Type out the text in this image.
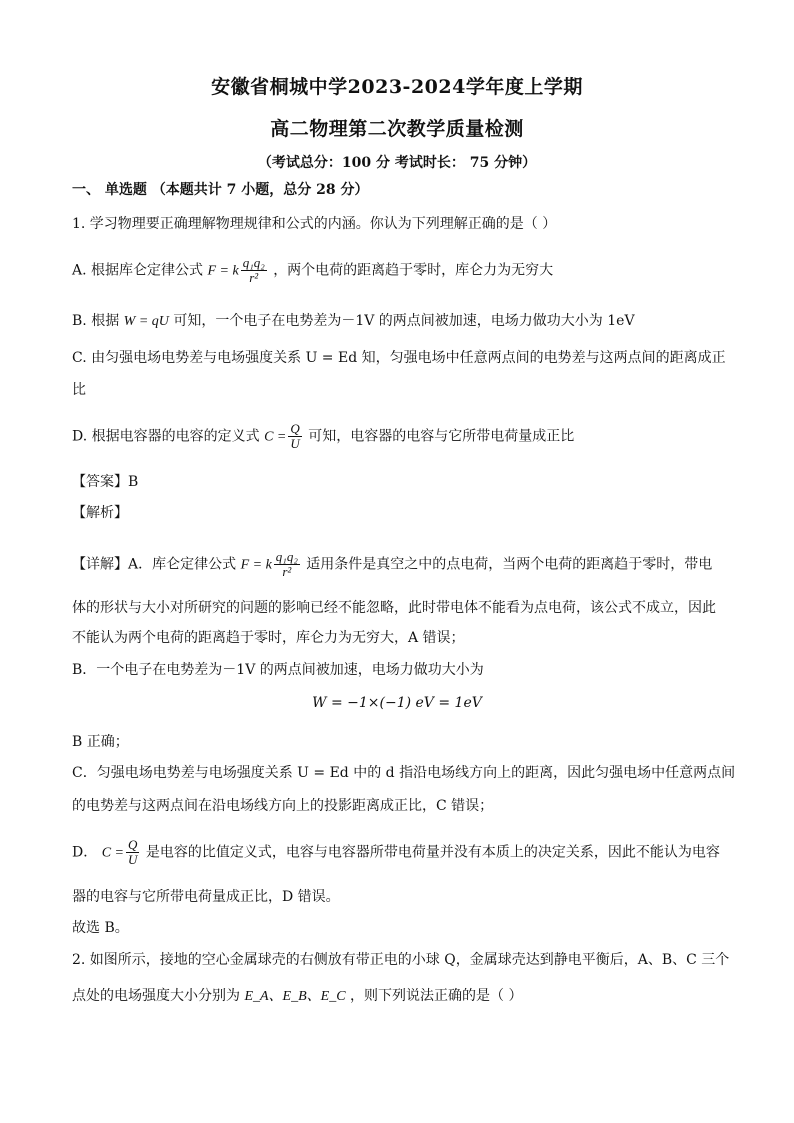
安徽省桐城中学2023-2024学年度上学期
高二物理第二次教学质量检测
（考试总分：100 分 考试时长： 75 分钟）
一、 单选题 （本题共计 7 小题，总分 28 分）
1. 学习物理要正确理解物理规律和公式的内涵。你认为下列理解正确的是（ ）
A. 根据库仑定律公式 F = k $\frac{\text{q₁q₂}}{\text{r²}}$ ，两个电荷的距离趋于零时，库仑力为无穷大
B. 根据 W = qU 可知，一个电子在电势差为－1V 的两点间被加速，电场力做功大小为 1eV
C. 由匀强电场电势差与电场强度关系 U = Ed 知，匀强电场中任意两点间的电势差与这两点间的距离成正
比
D. 根据电容器的电容的定义式 $C = \frac{Q}{U}$ 可知，电容器的电容与它所带电荷量成正比
【答案】B
【解析】
【详解】A．库仑定律公式 F = k $\frac{\text{q₁q₂}}{\text{r²}}$ 适用条件是真空之中的点电荷，当两个电荷的距离趋于零时，带电
体的形状与大小对所研究的问题的影响已经不能忽略，此时带电体不能看为点电荷，该公式不成立，因此
不能认为两个电荷的距离趋于零时，库仑力为无穷大，A 错误；
B．一个电子在电势差为－1V 的两点间被加速，电场力做功大小为
W = −1×(−1) eV = 1eV
B 正确；
C．匀强电场电势差与电场强度关系 U = Ed 中的 d 指沿电场线方向上的距离，因此匀强电场中任意两点间
的电势差与这两点间在沿电场线方向上的投影距离成正比，C 错误；
D． $C = \frac{Q}{U}$ 是电容的比值定义式，电容与电容器所带电荷量并没有本质上的决定关系，因此不能认为电容
器的电容与它所带电荷量成正比，D 错误。
故选 B。
2. 如图所示，接地的空心金属球壳的右侧放有带正电的小球 Q，金属球壳达到静电平衡后，A、B、C 三个
点处的电场强度大小分别为 E_A、E_B、E_C ，则下列说法正确的是（ ）
